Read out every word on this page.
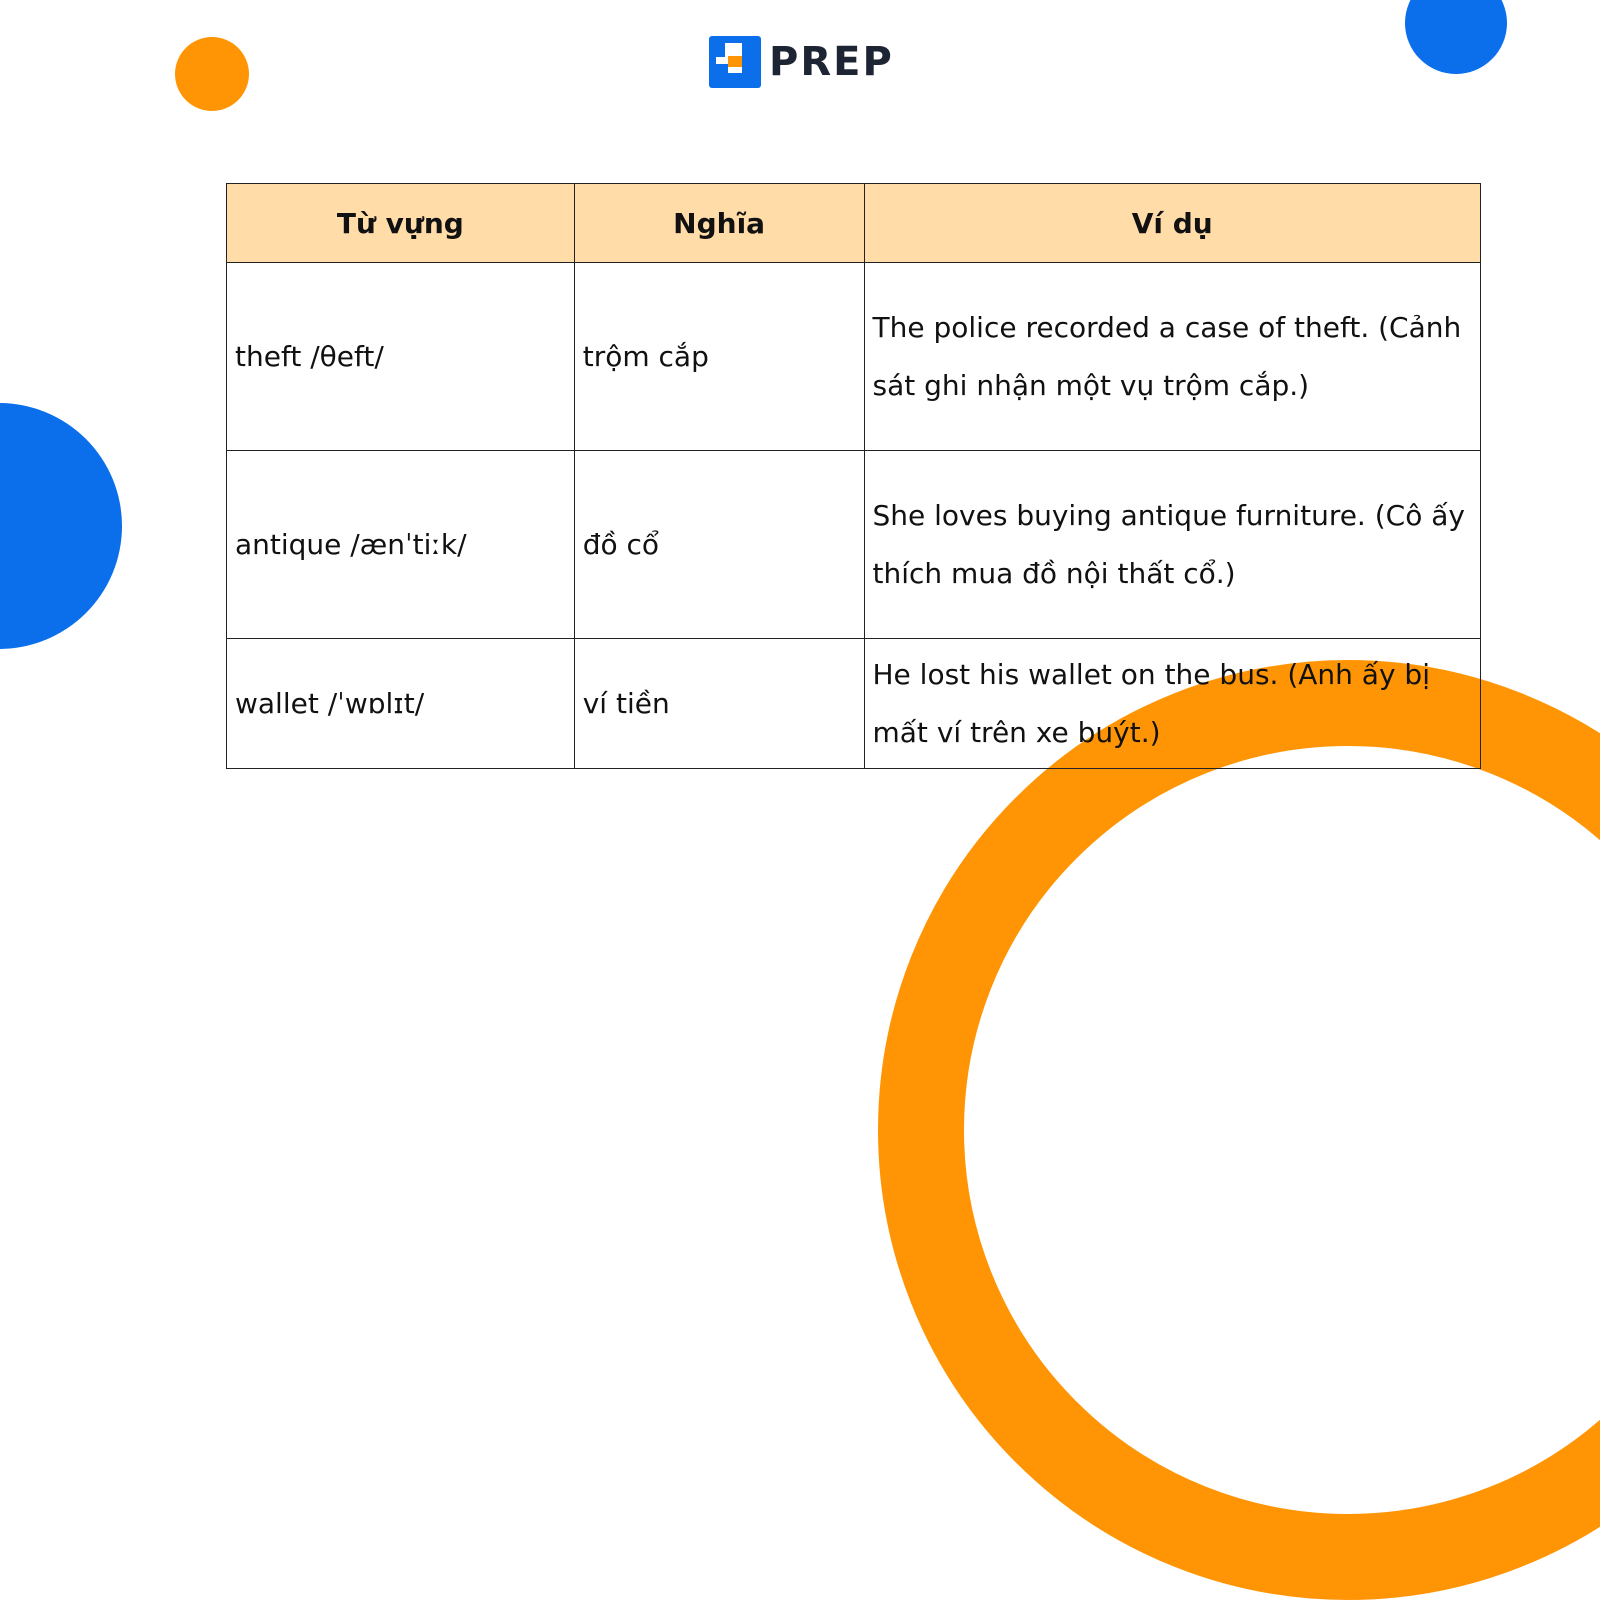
PREP
Từ vựng	Nghĩa	Ví dụ
theft /θeft/	trộm cắp	The police recorded a case of theft. (Cảnh sát ghi nhận một vụ trộm cắp.)
antique /ænˈtiːk/	đồ cổ	She loves buying antique furniture. (Cô ấy thích mua đồ nội thất cổ.)
wallet /ˈwɒlɪt/	ví tiền	He lost his wallet on the bus. (Anh ấy bị mất ví trên xe buýt.)
